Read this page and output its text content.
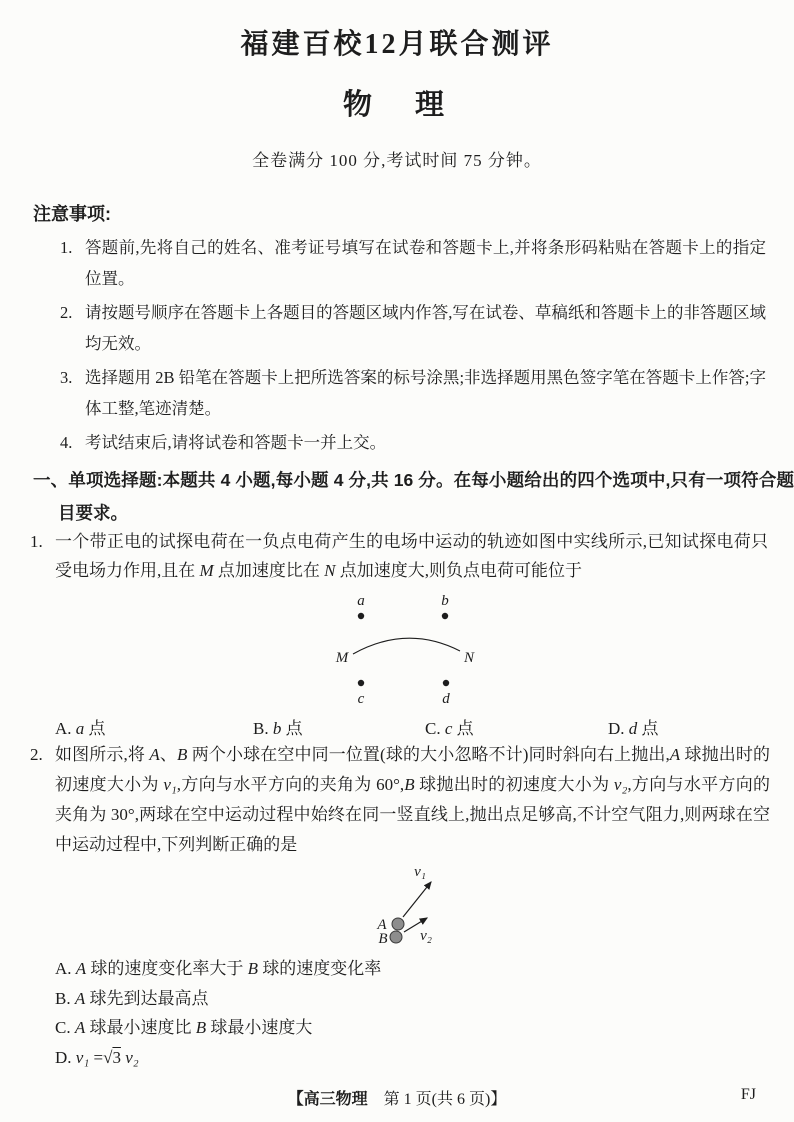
福建百校12月联合测评
物　理
全卷满分 100 分,考试时间 75 分钟。
注意事项:
1. 答题前,先将自己的姓名、准考证号填写在试卷和答题卡上,并将条形码粘贴在答题卡上的指定位置。
2. 请按题号顺序在答题卡上各题目的答题区域内作答,写在试卷、草稿纸和答题卡上的非答题区域均无效。
3. 选择题用 2B 铅笔在答题卡上把所选答案的标号涂黑;非选择题用黑色签字笔在答题卡上作答;字体工整,笔迹清楚。
4. 考试结束后,请将试卷和答题卡一并上交。
一、单项选择题:本题共 4 小题,每小题 4 分,共 16 分。在每小题给出的四个选项中,只有一项符合题目要求。
1. 一个带正电的试探电荷在一负点电荷产生的电场中运动的轨迹如图中实线所示,已知试探电荷只受电场力作用,且在 M 点加速度比在 N 点加速度大,则负点电荷可能位于
a	b
M	N
c	d
A. a 点	B. b 点	C. c 点	D. d 点
2. 如图所示,将 A、B 两个小球在空中同一位置(球的大小忽略不计)同时斜向右上抛出,A 球抛出时的初速度大小为 v₁,方向与水平方向的夹角为 60°,B 球抛出时的初速度大小为 v₂,方向与水平方向的夹角为 30°,两球在空中运动过程中始终在同一竖直线上,抛出点足够高,不计空气阻力,则两球在空中运动过程中,下列判断正确的是
A
B
v₁
v₂
A. A 球的速度变化率大于 B 球的速度变化率
B. A 球先到达最高点
C. A 球最小速度比 B 球最小速度大
D. v₁ =√3 v₂
【高三物理　第 1 页(共 6 页)】	FJ
